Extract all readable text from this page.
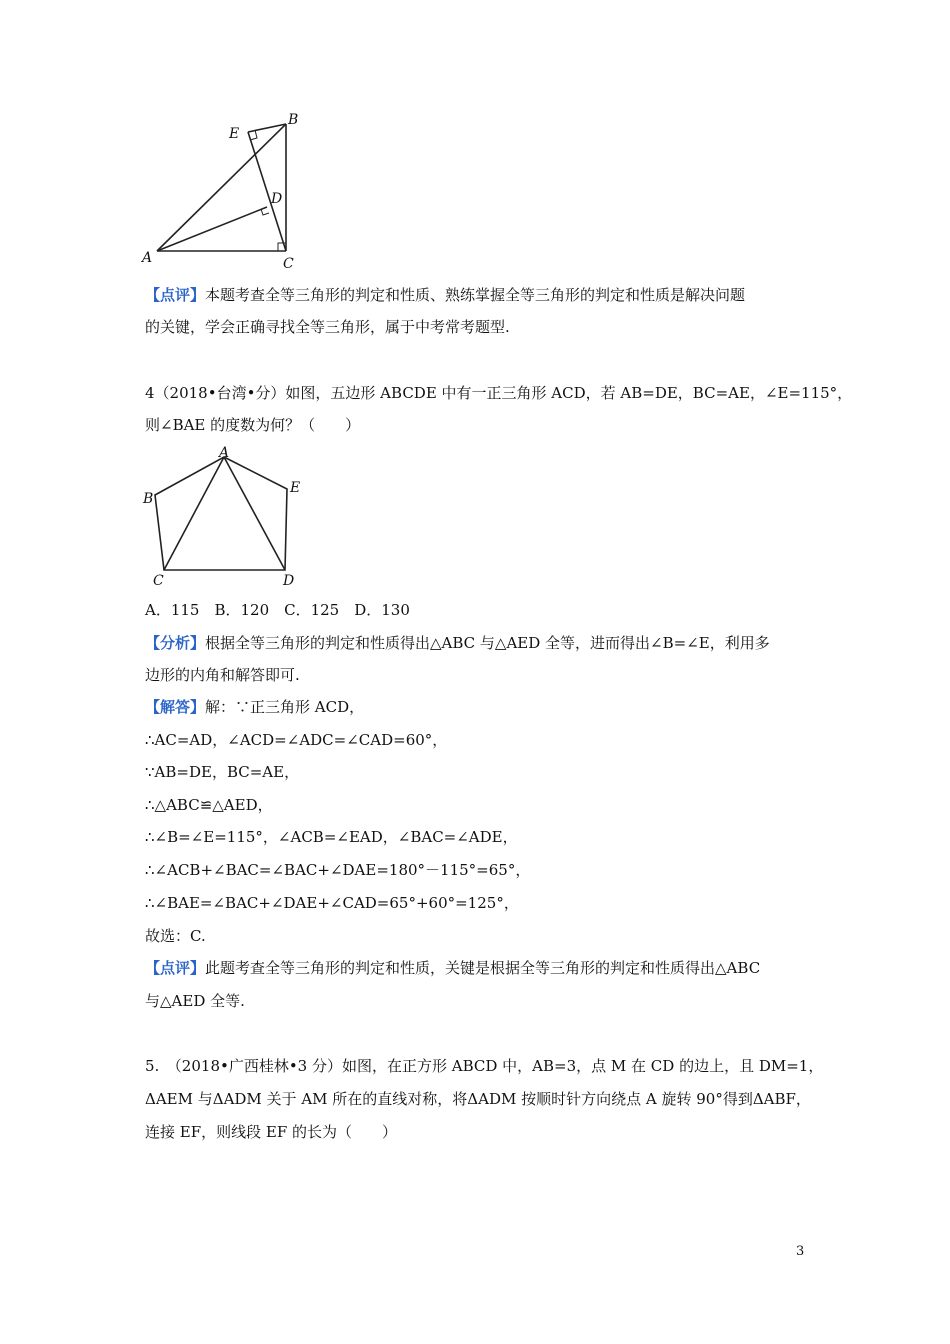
E
B
D
A	C
【点评】本题考查全等三角形的判定和性质、熟练掌握全等三角形的判定和性质是解决问题
的关键，学会正确寻找全等三角形，属于中考常考题型.
4（2018•台湾•分）如图，五边形 ABCDE 中有一正三角形 ACD，若 AB=DE，BC=AE，∠E=115°，
则∠BAE 的度数为何？（　　）
A
E
B
C	D
A．115　B．120　C．125　D．130
【分析】根据全等三角形的判定和性质得出△ABC 与△AED 全等，进而得出∠B=∠E，利用多
边形的内角和解答即可.
【解答】解：∵正三角形 ACD，
∴AC=AD，∠ACD=∠ADC=∠CAD=60°，
∵AB=DE，BC=AE，
∴△ABC≌△AED，
∴∠B=∠E=115°，∠ACB=∠EAD，∠BAC=∠ADE，
∴∠ACB+∠BAC=∠BAC+∠DAE=180°－115°=65°，
∴∠BAE=∠BAC+∠DAE+∠CAD=65°+60°=125°，
故选：C.
【点评】此题考查全等三角形的判定和性质，关键是根据全等三角形的判定和性质得出△ABC
与△AED 全等.
5.　（2018•广西桂林•3 分）如图，在正方形 ABCD 中，AB=3，点 M 在 CD 的边上，且 DM=1，
ΔAEM 与ΔADM 关于 AM 所在的直线对称，将ΔADM 按顺时针方向绕点 A 旋转 90°得到ΔABF，
连接 EF，则线段 EF 的长为（　　）
3
